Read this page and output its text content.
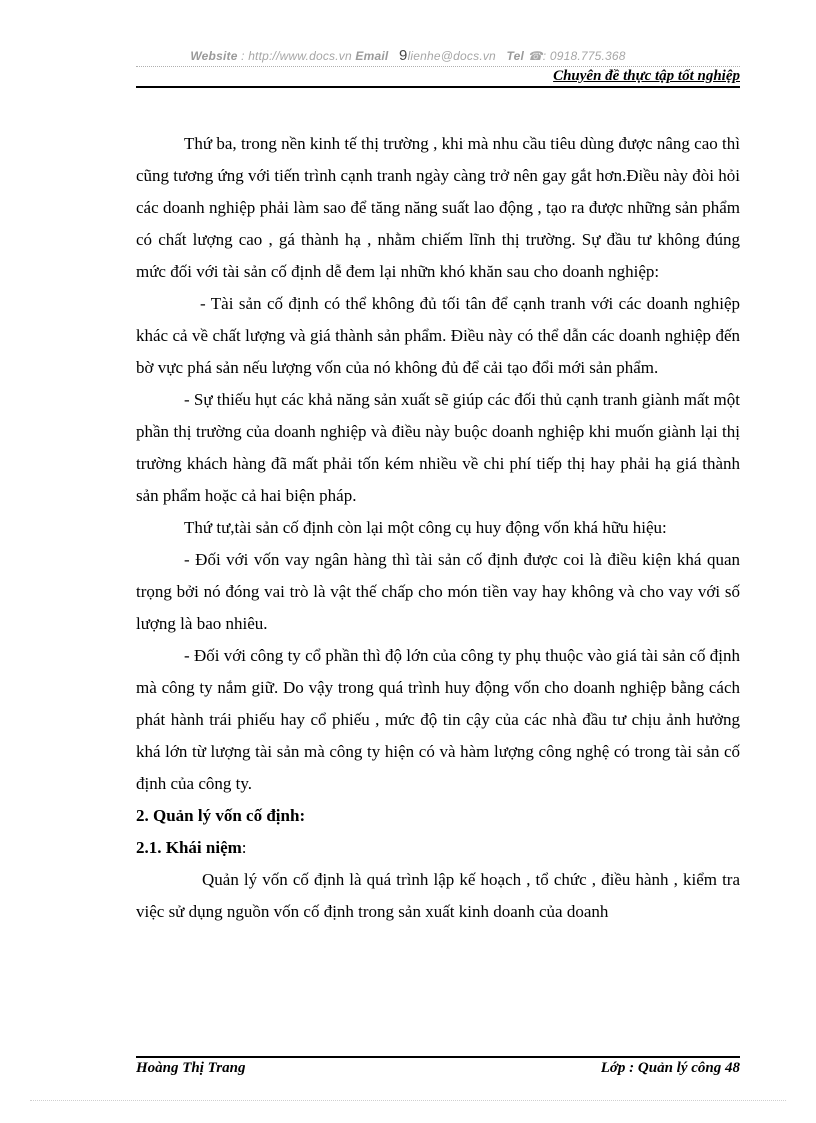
Website : http://www.docs.vn Email 9lienhe@docs.vn Tel ☎: 0918.775.368
Chuyên đề thực tập tốt nghiệp

Thứ ba, trong nền kinh tế thị trường , khi mà nhu cầu tiêu dùng được nâng cao thì cũng tương ứng với tiến trình cạnh tranh ngày càng trở nên gay gắt hơn.Điều này đòi hỏi các doanh nghiệp phải làm sao để tăng năng suất lao động , tạo ra được những sản phẩm có chất lượng cao , gá thành hạ , nhằm chiếm lĩnh thị trường. Sự đầu tư không đúng mức đối với tài sản cố định dễ đem lại nhữn khó khăn sau cho doanh nghiệp:

- Tài sản cố định có thể không đủ tối tân để cạnh tranh với các doanh nghiệp khác cả về chất lượng và giá thành sản phẩm. Điều này có thể dẫn các doanh nghiệp đến bờ vực phá sản nếu lượng vốn của nó không đủ để cải tạo đổi mới sản phẩm.

- Sự thiếu hụt các khả năng sản xuất sẽ giúp các đối thủ cạnh tranh giành mất một phần thị trường của doanh nghiệp và điều này buộc doanh nghiệp khi muốn giành lại thị trường khách hàng đã mất phải tốn kém nhiều về chi phí tiếp thị hay phải hạ giá thành sản phẩm hoặc cả hai biện pháp.

Thứ tư,tài sản cố định còn lại một công cụ huy động vốn khá hữu hiệu:

- Đối với vốn vay ngân hàng thì tài sản cố định được coi là điều kiện khá quan trọng bởi nó đóng vai trò là vật thế chấp cho món tiền vay hay không và cho vay với số lượng là bao nhiêu.

- Đối với công ty cổ phần thì độ lớn của công ty phụ thuộc vào giá tài sản cố định mà công ty nắm giữ. Do vậy trong quá trình huy động vốn cho doanh nghiệp bằng cách phát hành trái phiếu hay cổ phiếu , mức độ tin cậy của các nhà đầu tư chịu ảnh hưởng khá lớn từ lượng tài sản mà công ty hiện có và hàm lượng công nghệ có trong tài sản cố định của công ty.

2. Quản lý vốn cố định:

2.1. Khái niệm:

Quản lý vốn cố định là quá trình lập kế hoạch , tổ chức , điều hành , kiểm tra việc sử dụng nguồn vốn cố định trong sản xuất kinh doanh của doanh

Hoàng Thị Trang	Lớp : Quản lý công 48
